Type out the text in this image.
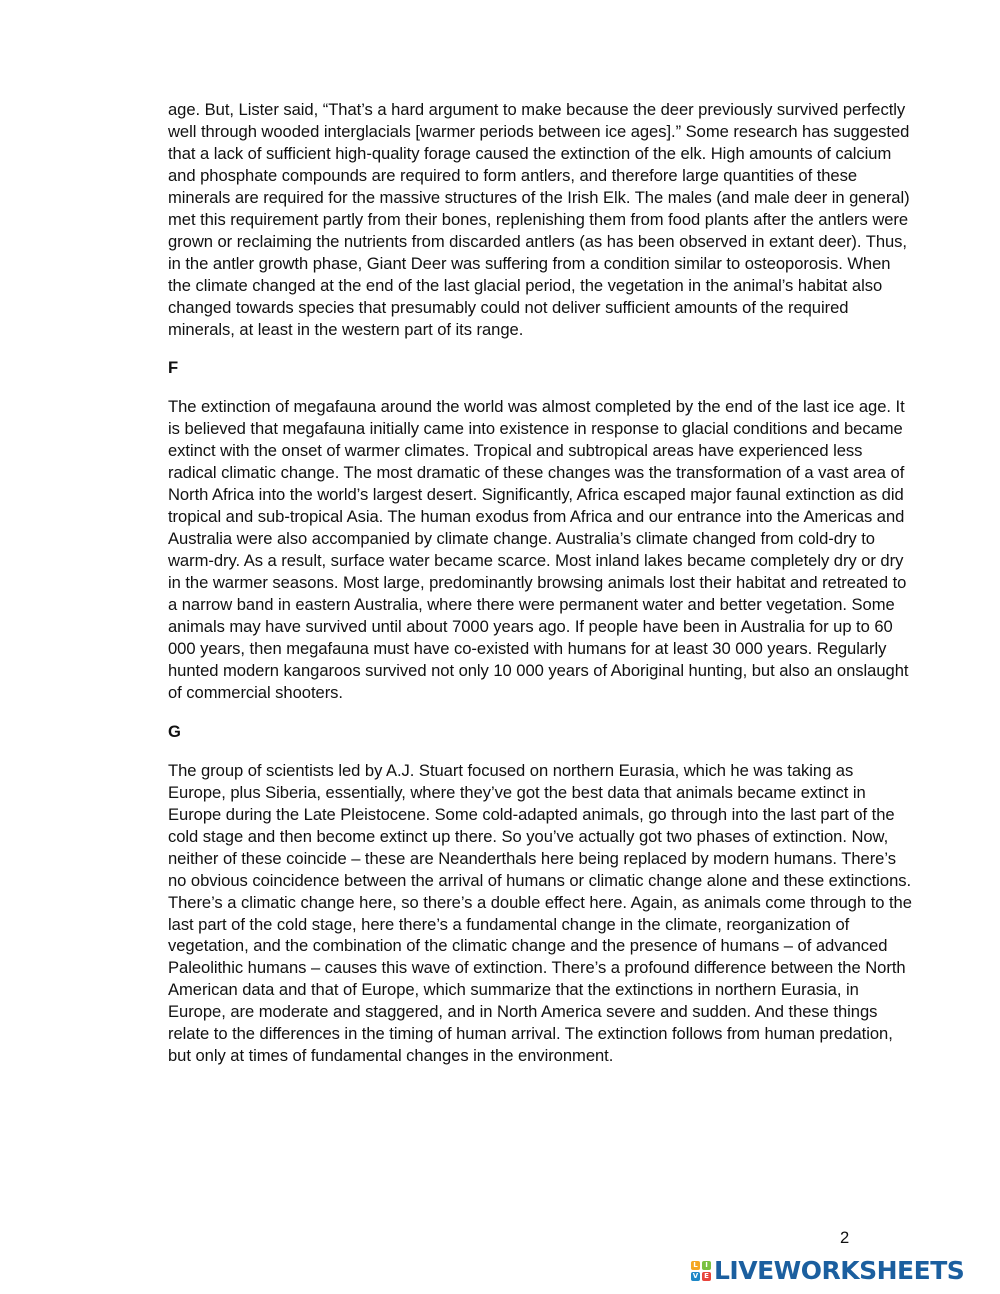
age. But, Lister said, “That’s a hard argument to make because the deer previously survived perfectly well through wooded interglacials [warmer periods between ice ages].” Some research has suggested that a lack of sufficient high-quality forage caused the extinction of the elk. High amounts of calcium and phosphate compounds are required to form antlers, and therefore large quantities of these minerals are required for the massive structures of the Irish Elk. The males (and male deer in general) met this requirement partly from their bones, replenishing them from food plants after the antlers were grown or reclaiming the nutrients from discarded antlers (as has been observed in extant deer). Thus, in the antler growth phase, Giant Deer was suffering from a condition similar to osteoporosis. When the climate changed at the end of the last glacial period, the vegetation in the animal’s habitat also changed towards species that presumably could not deliver sufficient amounts of the required minerals, at least in the western part of its range.

F

The extinction of megafauna around the world was almost completed by the end of the last ice age. It is believed that megafauna initially came into existence in response to glacial conditions and became extinct with the onset of warmer climates. Tropical and subtropical areas have experienced less radical climatic change. The most dramatic of these changes was the transformation of a vast area of North Africa into the world’s largest desert. Significantly, Africa escaped major faunal extinction as did tropical and sub-tropical Asia. The human exodus from Africa and our entrance into the Americas and Australia were also accompanied by climate change. Australia’s climate changed from cold-dry to warm-dry. As a result, surface water became scarce. Most inland lakes became completely dry or dry in the warmer seasons. Most large, predominantly browsing animals lost their habitat and retreated to a narrow band in eastern Australia, where there were permanent water and better vegetation. Some animals may have survived until about 7000 years ago. If people have been in Australia for up to 60 000 years, then megafauna must have co-existed with humans for at least 30 000 years. Regularly hunted modern kangaroos survived not only 10 000 years of Aboriginal hunting, but also an onslaught of commercial shooters.

G

The group of scientists led by A.J. Stuart focused on northern Eurasia, which he was taking as Europe, plus Siberia, essentially, where they’ve got the best data that animals became extinct in Europe during the Late Pleistocene. Some cold-adapted animals, go through into the last part of the cold stage and then become extinct up there. So you’ve actually got two phases of extinction. Now, neither of these coincide – these are Neanderthals here being replaced by modern humans. There’s no obvious coincidence between the arrival of humans or climatic change alone and these extinctions. There’s a climatic change here, so there’s a double effect here. Again, as animals come through to the last part of the cold stage, here there’s a fundamental change in the climate, reorganization of vegetation, and the combination of the climatic change and the presence of humans – of advanced Paleolithic humans – causes this wave of extinction. There’s a profound difference between the North American data and that of Europe, which summarize that the extinctions in northern Eurasia, in Europe, are moderate and staggered, and in North America severe and sudden. And these things relate to the differences in the timing of human arrival. The extinction follows from human predation, but only at times of fundamental changes in the environment.

2
L	I
V E LIVEWORKSHEETS
